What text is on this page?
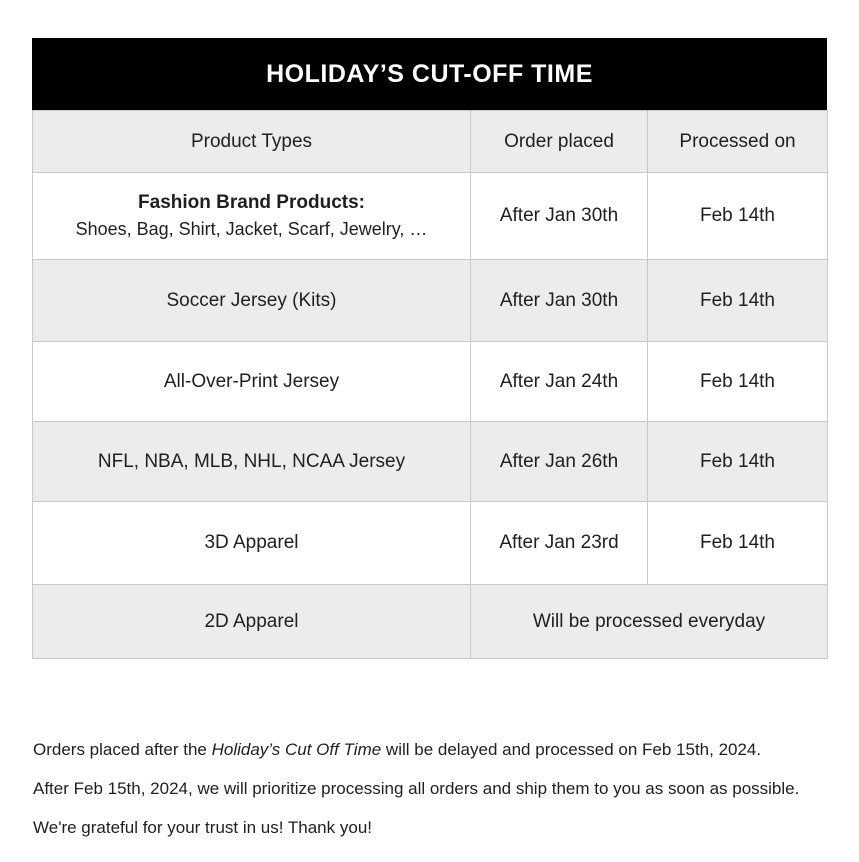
HOLIDAY’S CUT-OFF TIME
Product Types	Order placed	Processed on

Fashion Brand Products:
Shoes, Bag, Shirt, Jacket, Scarf, Jewelry, …	After Jan 30th	Feb 14th
Soccer Jersey (Kits)	After Jan 30th	Feb 14th
All-Over-Print Jersey	After Jan 24th	Feb 14th
NFL, NBA, MLB, NHL, NCAA Jersey	After Jan 26th	Feb 14th
3D Apparel	After Jan 23rd	Feb 14th
2D Apparel	Will be processed everyday	

Orders placed after the Holiday’s Cut Off Time will be delayed and processed on Feb 15th, 2024.

After Feb 15th, 2024, we will prioritize processing all orders and ship them to you as soon as possible.

We're grateful for your trust in us! Thank you!
